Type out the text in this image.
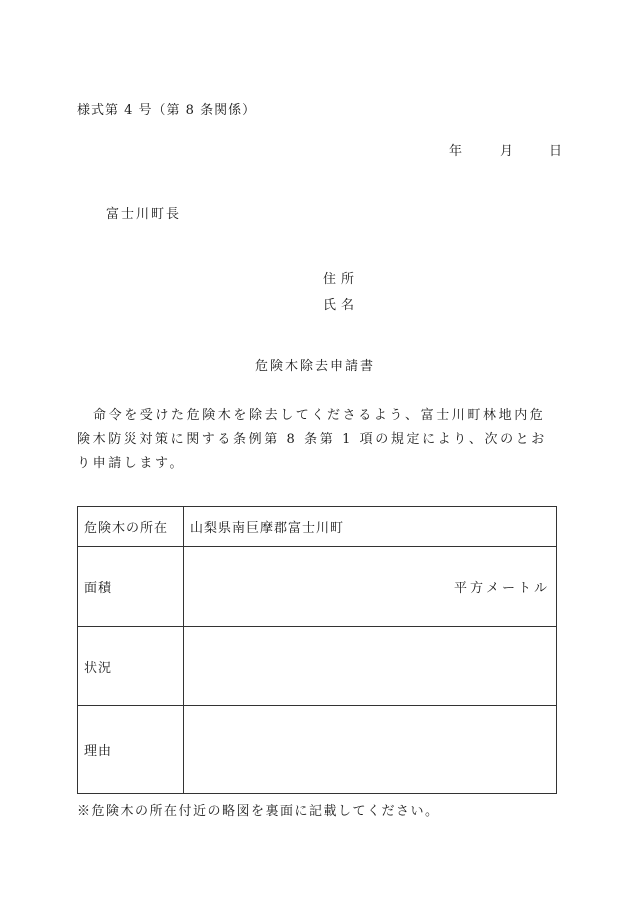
様式第 4 号（第 8 条関係）
年	月	日
富士川町長
住所
氏名
危険木除去申請書
命令を受けた危険木を除去してくださるよう、富士川町林地内危険木防災対策に関する条例第 8 条第 1 項の規定により、次のとおり申請します。
危険木の所在	山梨県南巨摩郡富士川町
面積	平方メートル
状況	
理由	
※危険木の所在付近の略図を裏面に記載してください。
